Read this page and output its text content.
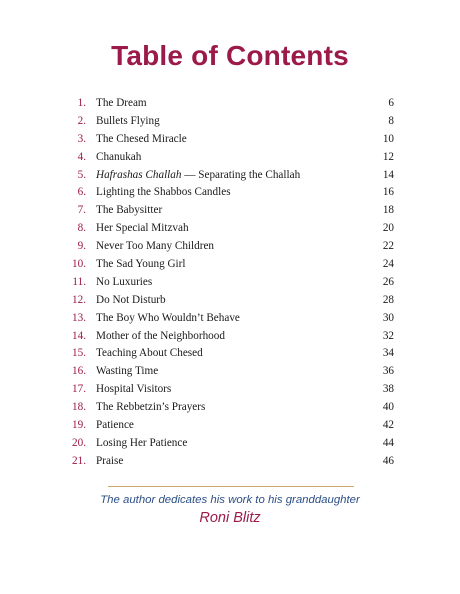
Table of Contents
1. The Dream	6
2. Bullets Flying	8
3. The Chesed Miracle	10
4. Chanukah	12
5. Hafrashas Challah — Separating the Challah	14
6. Lighting the Shabbos Candles	16
7. The Babysitter	18
8. Her Special Mitzvah	20
9. Never Too Many Children	22
10. The Sad Young Girl	24
11. No Luxuries	26
12. Do Not Disturb	28
13. The Boy Who Wouldn’t Behave	30
14. Mother of the Neighborhood	32
15. Teaching About Chesed	34
16. Wasting Time	36
17. Hospital Visitors	38
18. The Rebbetzin’s Prayers	40
19. Patience	42
20. Losing Her Patience	44
21. Praise	46
The author dedicates his work to his granddaughter
Roni Blitz
